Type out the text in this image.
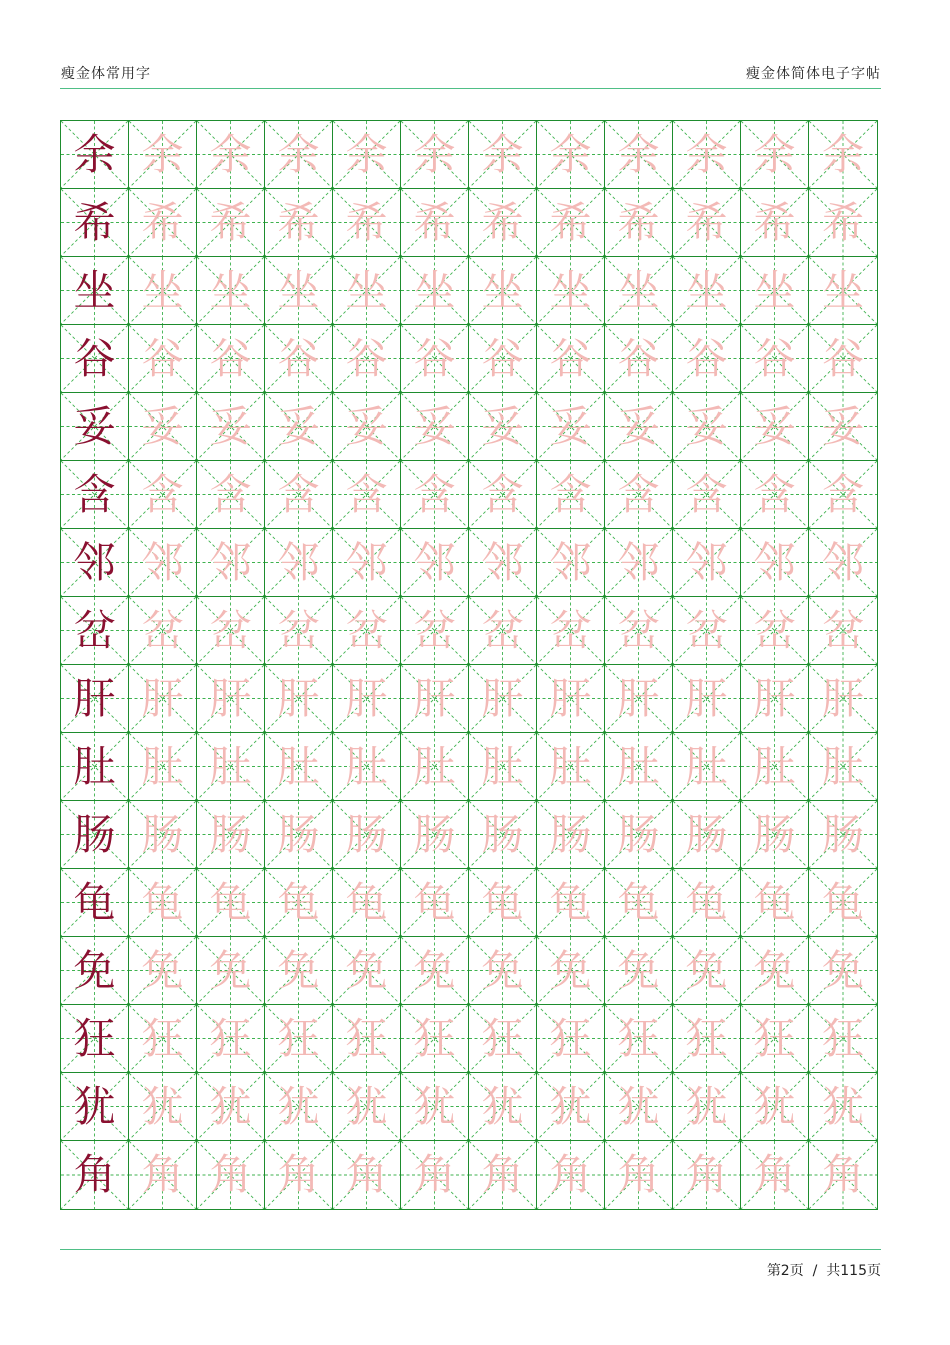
瘦金体常用字	瘦金体简体电子字帖
余 余 余 余 余 余 余 余 余 余 余 余
希 希 希 希 希 希 希 希 希 希 希 希
坐 坐 坐 坐 坐 坐 坐 坐 坐 坐 坐 坐
谷 谷 谷 谷 谷 谷 谷 谷 谷 谷 谷 谷
妥 妥 妥 妥 妥 妥 妥 妥 妥 妥 妥 妥
含 含 含 含 含 含 含 含 含 含 含 含
邻 邻 邻 邻 邻 邻 邻 邻 邻 邻 邻 邻
岔 岔 岔 岔 岔 岔 岔 岔 岔 岔 岔 岔
肝 肝 肝 肝 肝 肝 肝 肝 肝 肝 肝 肝
肚 肚 肚 肚 肚 肚 肚 肚 肚 肚 肚 肚
肠 肠 肠 肠 肠 肠 肠 肠 肠 肠 肠 肠
龟 龟 龟 龟 龟 龟 龟 龟 龟 龟 龟 龟
免 免 免 免 免 免 免 免 免 免 免 免
狂 狂 狂 狂 狂 狂 狂 狂 狂 狂 狂 狂
犹 犹 犹 犹 犹 犹 犹 犹 犹 犹 犹 犹
角 角 角 角 角 角 角 角 角 角 角 角
第2页 / 共115页
